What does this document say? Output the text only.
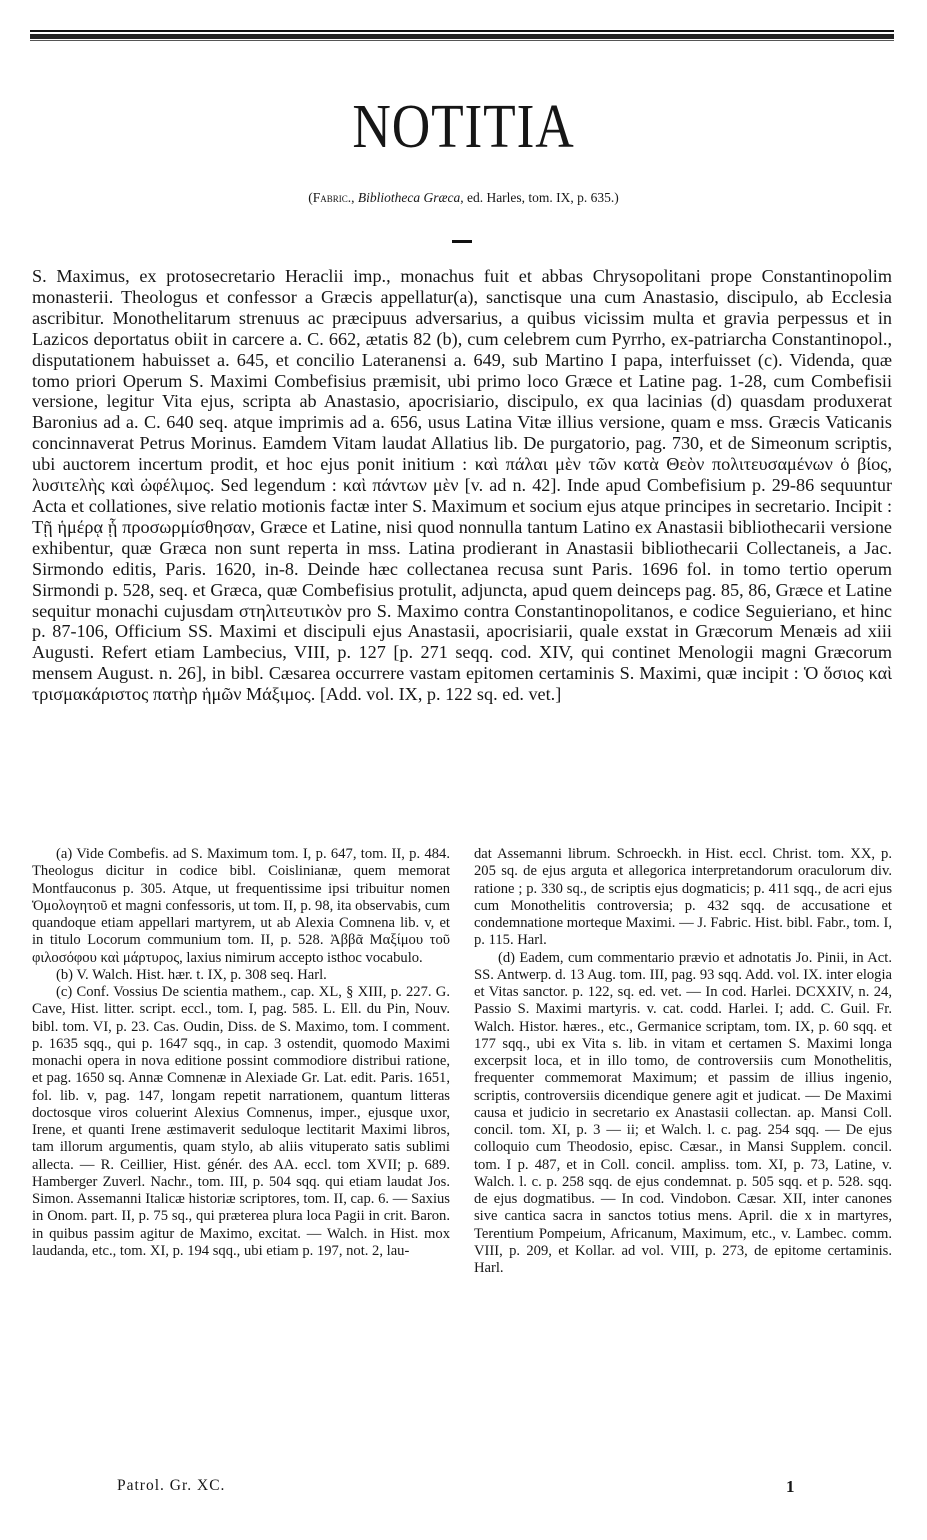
NOTITIA
(Fabric., Bibliotheca Græca, ed. Harles, tom. IX, p. 635.)
S. Maximus, ex protosecretario Heraclii imp., monachus fuit et abbas Chrysopolitani prope Constantinopolim monasterii. Theologus et confessor a Græcis appellatur(a), sanctisque una cum Anastasio, discipulo, ab Ecclesia ascribitur. Monothelitarum strenuus ac præcipuus adversarius, a quibus vicissim multa et gravia perpessus et in Lazicos deportatus obiit in carcere a. C. 662, ætatis 82 (b), cum celebrem cum Pyrrho, ex-patriarcha Constantinopol., disputationem habuisset a. 645, et concilio Lateranensi a. 649, sub Martino I papa, interfuisset (c). Videnda, quæ tomo priori Operum S. Maximi Combefisius præmisit, ubi primo loco Græce et Latine pag. 1-28, cum Combefisii versione, legitur Vita ejus, scripta ab Anastasio, apocrisiario, discipulo, ex qua lacinias (d) quasdam produxerat Baronius ad a. C. 640 seq. atque imprimis ad a. 656, usus Latina Vitæ illius versione, quam e mss. Græcis Vaticanis concinnaverat Petrus Morinus. Eamdem Vitam laudat Allatius lib. De purgatorio, pag. 730, et de Simeonum scriptis, ubi auctorem incertum prodit, et hoc ejus ponit initium : καὶ πάλαι μὲν τῶν κατὰ Θεὸν πολιτευσαμένων ὁ βίος, λυσιτελὴς καὶ ὠφέλιμος. Sed legendum : καὶ πάντων μὲν [v. ad n. 42]. Inde apud Combefisium p. 29-86 sequuntur Acta et collationes, sive relatio motionis factæ inter S. Maximum et socium ejus atque principes in secretario. Incipit : Τῇ ἡμέρᾳ ᾗ προσωρμίσθησαν, Græce et Latine, nisi quod nonnulla tantum Latino ex Anastasii bibliothecarii versione exhibentur, quæ Græca non sunt reperta in mss. Latina prodierant in Anastasii bibliothecarii Collectaneis, a Jac. Sirmondo editis, Paris. 1620, in-8. Deinde hæc collectanea recusa sunt Paris. 1696 fol. in tomo tertio operum Sirmondi p. 528, seq. et Græca, quæ Combefisius protulit, adjuncta, apud quem deinceps pag. 85, 86, Græce et Latine sequitur monachi cujusdam στηλιτευτικὸν pro S. Maximo contra Constantinopolitanos, e codice Seguieriano, et hinc p. 87-106, Officium SS. Maximi et discipuli ejus Anastasii, apocrisiarii, quale exstat in Græcorum Menæis ad xiii Augusti. Refert etiam Lambecius, VIII, p. 127 [p. 271 seqq. cod. XIV, qui continet Menologii magni Græcorum mensem August. n. 26], in bibl. Cæsarea occurrere vastam epitomen certaminis S. Maximi, quæ incipit : Ὁ ὅσιος καὶ τρισμακάριστος πατὴρ ἡμῶν Μάξιμος. [Add. vol. IX, p. 122 sq. ed. vet.]

(a) Vide Combefis. ad S. Maximum tom. I, p. 647, tom. II, p. 484. Theologus dicitur in codice bibl. Coislinianæ, quem memorat Montfauconus p. 305. Atque, ut frequentissime ipsi tribuitur nomen Ὁμολογητοῦ et magni confessoris, ut tom. II, p. 98, ita observabis, cum quandoque etiam appellari martyrem, ut ab Alexia Comnena lib. v, et in titulo Locorum communium tom. II, p. 528. Ἀββᾶ Μαξίμου τοῦ φιλοσόφου καὶ μάρτυρος, laxius nimirum accepto isthoc vocabulo.

(b) V. Walch. Hist. hær. t. IX, p. 308 seq. Harl.

(c) Conf. Vossius De scientia mathem., cap. XL, § XIII, p. 227. G. Cave, Hist. litter. script. eccl., tom. I, pag. 585. L. Ell. du Pin, Nouv. bibl. tom. VI, p. 23. Cas. Oudin, Diss. de S. Maximo, tom. I comment. p. 1635 sqq., qui p. 1647 sqq., in cap. 3 ostendit, quomodo Maximi monachi opera in nova editione possint commodiore distribui ratione, et pag. 1650 sq. Annæ Comnenæ in Alexiade Gr. Lat. edit. Paris. 1651, fol. lib. v, pag. 147, longam repetit narrationem, quantum litteras doctosque viros coluerint Alexius Comnenus, imper., ejusque uxor, Irene, et quanti Irene æstimaverit seduloque lectitarit Maximi libros, tam illorum argumentis, quam stylo, ab aliis vituperato satis sublimi allecta. — R. Ceillier, Hist. génér. des AA. eccl. tom XVII; p. 689. Hamberger Zuverl. Nachr., tom. III, p. 504 sqq. qui etiam laudat Jos. Simon. Assemanni Italicæ historiæ scriptores, tom. II, cap. 6. — Saxius in Onom. part. II, p. 75 sq., qui præterea plura loca Pagii in crit. Baron. in quibus passim agitur de Maximo, excitat. — Walch. in Hist. mox laudanda, etc., tom. XI, p. 194 sqq., ubi etiam p. 197, not. 2, lau-

dat Assemanni librum. Schroeckh. in Hist. eccl. Christ. tom. XX, p. 205 sq. de ejus arguta et allegorica interpretandorum oraculorum div. ratione ; p. 330 sq., de scriptis ejus dogmaticis; p. 411 sqq., de acri ejus cum Monothelitis controversia; p. 432 sqq. de accusatione et condemnatione morteque Maximi. — J. Fabric. Hist. bibl. Fabr., tom. I, p. 115. Harl.

(d) Eadem, cum commentario prævio et adnotatis Jo. Pinii, in Act. SS. Antwerp. d. 13 Aug. tom. III, pag. 93 sqq. Add. vol. IX. inter elogia et Vitas sanctor. p. 122, sq. ed. vet. — In cod. Harlei. DCXXIV, n. 24, Passio S. Maximi martyris. v. cat. codd. Harlei. I; add. C. Guil. Fr. Walch. Histor. hæres., etc., Germanice scriptam, tom. IX, p. 60 sqq. et 177 sqq., ubi ex Vita s. lib. in vitam et certamen S. Maximi longa excerpsit loca, et in illo tomo, de controversiis cum Monothelitis, frequenter commemorat Maximum; et passim de illius ingenio, scriptis, controversiis dicendique genere agit et judicat. — De Maximi causa et judicio in secretario ex Anastasii collectan. ap. Mansi Coll. concil. tom. XI, p. 3 — ii; et Walch. l. c. pag. 254 sqq. — De ejus colloquio cum Theodosio, episc. Cæsar., in Mansi Supplem. concil. tom. I p. 487, et in Coll. concil. ampliss. tom. XI, p. 73, Latine, v. Walch. l. c. p. 258 sqq. de ejus condemnat. p. 505 sqq. et p. 528. sqq. de ejus dogmatibus. — In cod. Vindobon. Cæsar. XII, inter canones sive cantica sacra in sanctos totius mens. April. die x in martyres, Terentium Pompeium, Africanum, Maximum, etc., v. Lambec. comm. VIII, p. 209, et Kollar. ad vol. VIII, p. 273, de epitome certaminis. Harl.

Patrol. Gr. XC.	1
